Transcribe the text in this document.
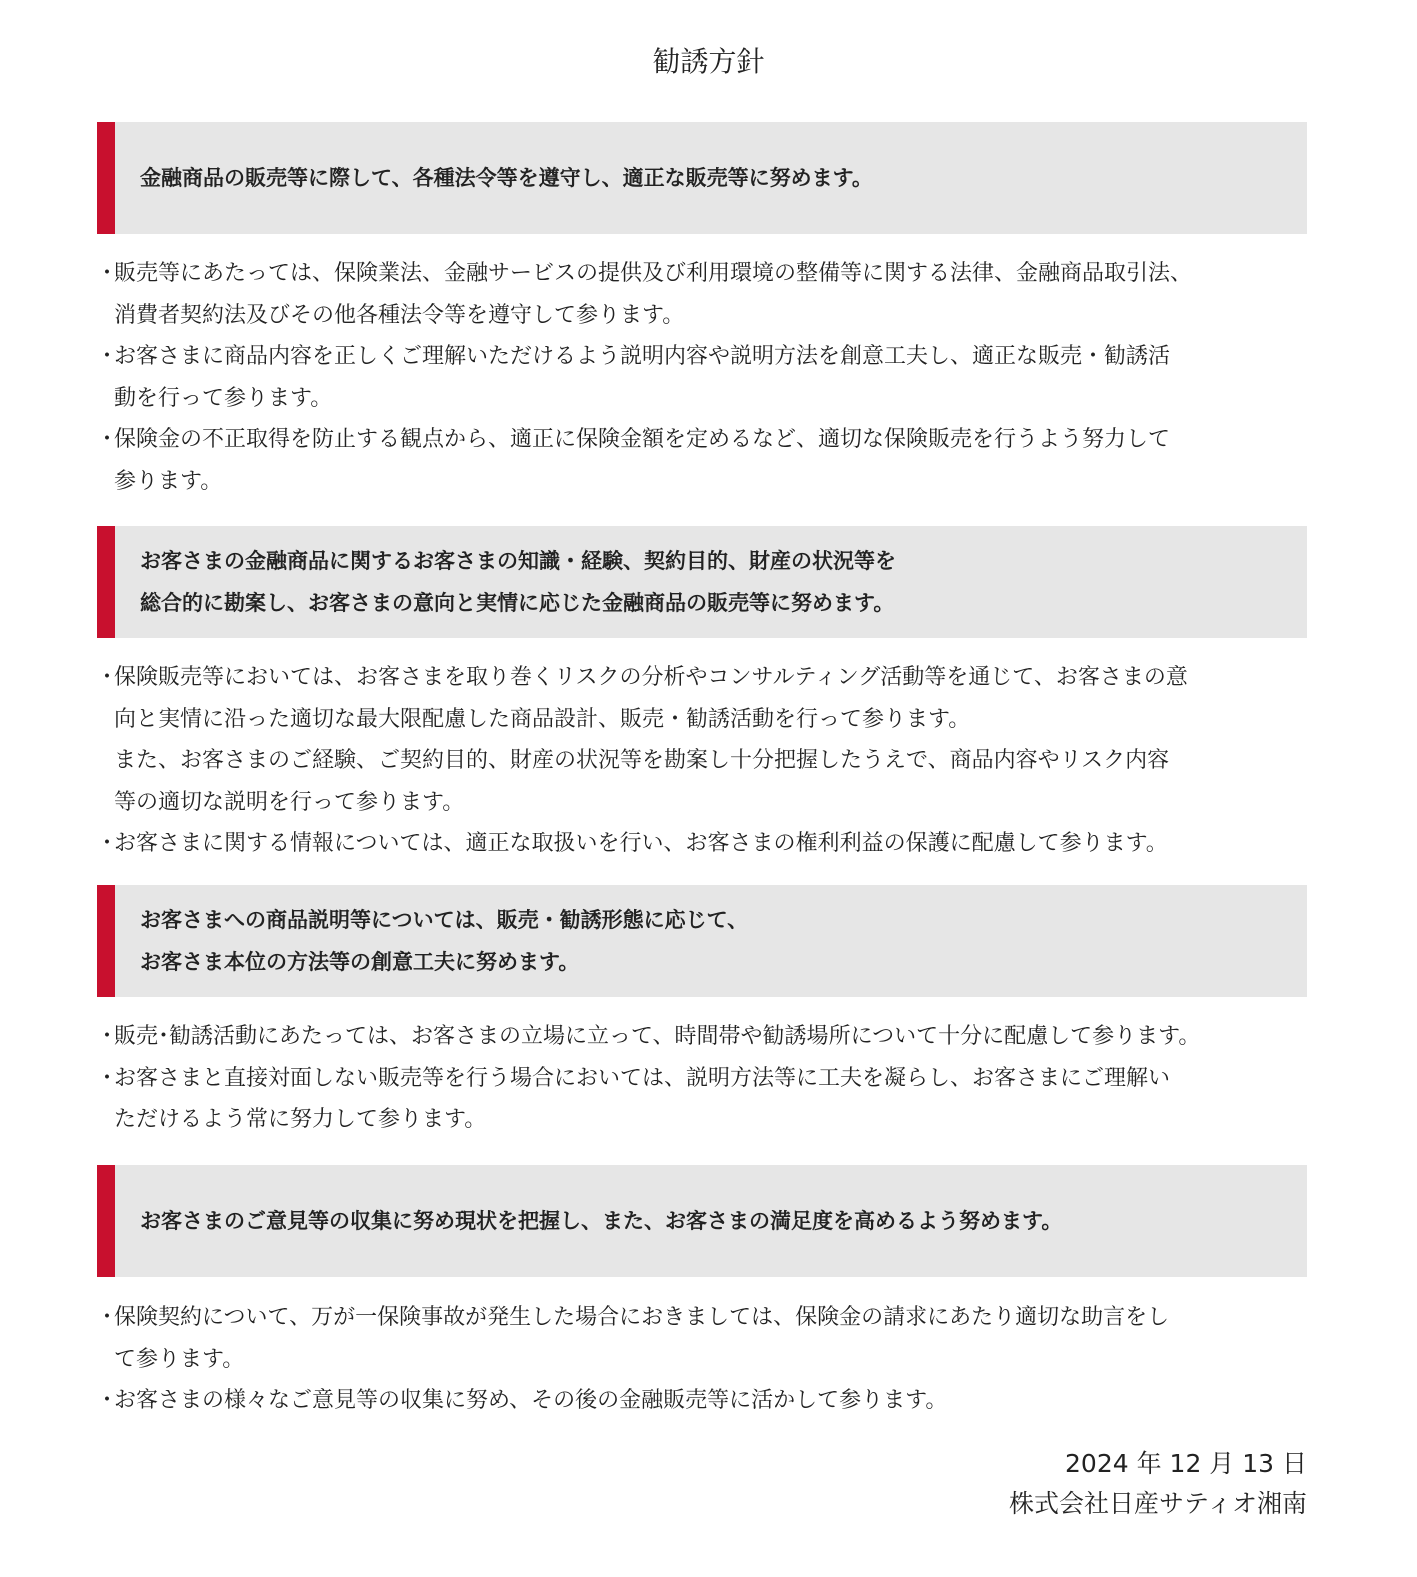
勧誘方針
金融商品の販売等に際して、各種法令等を遵守し、適正な販売等に努めます。
・
販売等にあたっては、保険業法、金融サービスの提供及び利用環境の整備等に関する法律、金融商品取引法、
消費者契約法及びその他各種法令等を遵守して参ります。
・
お客さまに商品内容を正しくご理解いただけるよう説明内容や説明方法を創意工夫し、適正な販売・勧誘活
動を行って参ります。
・
保険金の不正取得を防止する観点から、適正に保険金額を定めるなど、適切な保険販売を行うよう努力して
参ります。
お客さまの金融商品に関するお客さまの知識・経験、契約目的、財産の状況等を
総合的に勘案し、お客さまの意向と実情に応じた金融商品の販売等に努めます。
・
保険販売等においては、お客さまを取り巻くリスクの分析やコンサルティング活動等を通じて、お客さまの意
向と実情に沿った適切な最大限配慮した商品設計、販売・勧誘活動を行って参ります。
また、お客さまのご経験、ご契約目的、財産の状況等を勘案し十分把握したうえで、商品内容やリスク内容
等の適切な説明を行って参ります。
・
お客さまに関する情報については、適正な取扱いを行い、お客さまの権利利益の保護に配慮して参ります。
お客さまへの商品説明等については、販売・勧誘形態に応じて、
お客さま本位の方法等の創意工夫に努めます。
・
販売･勧誘活動にあたっては、お客さまの立場に立って、時間帯や勧誘場所について十分に配慮して参ります。
・
お客さまと直接対面しない販売等を行う場合においては、説明方法等に工夫を凝らし、お客さまにご理解い
ただけるよう常に努力して参ります。
お客さまのご意見等の収集に努め現状を把握し、また、お客さまの満足度を高めるよう努めます。
・
保険契約について、万が一保険事故が発生した場合におきましては、保険金の請求にあたり適切な助言をし
て参ります。
・
お客さまの様々なご意見等の収集に努め、その後の金融販売等に活かして参ります。
2024 年 12 月 13 日
株式会社日産サティオ湘南
